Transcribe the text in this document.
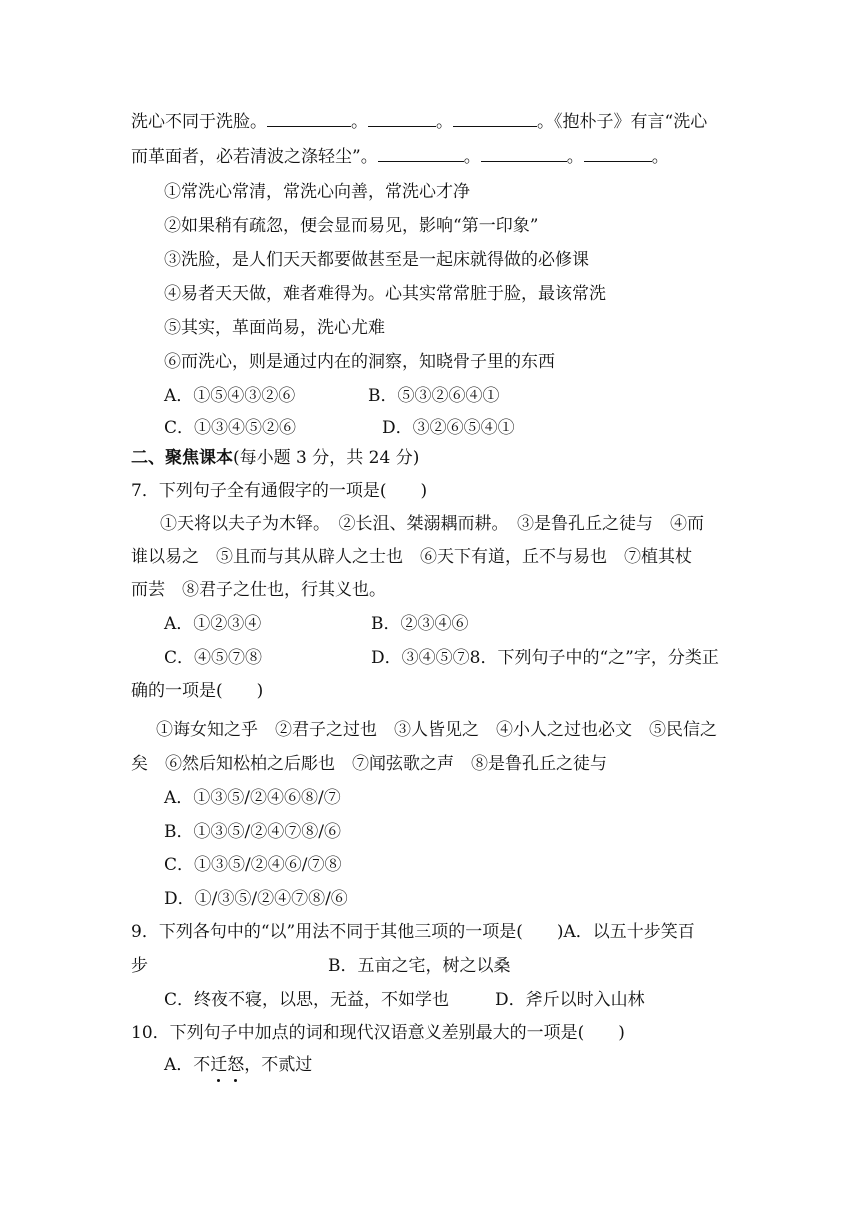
洗心不同于洗脸。	。	。	。《抱朴子》有言“洗心
而革面者，必若清波之涤轻尘”。	。	。	。
①常洗心常清，常洗心向善，常洗心才净
②如果稍有疏忽，便会显而易见，影响“第一印象”
③洗脸，是人们天天都要做甚至是一起床就得做的必修课
④易者天天做，难者难得为。心其实常常脏于脸，最该常洗
⑤其实，革面尚易，洗心尤难
⑥而洗心，则是通过内在的洞察，知晓骨子里的东西
A．①⑤④③②⑥	B．⑤③②⑥④①
C．①③④⑤②⑥	D．③②⑥⑤④①
二、聚焦课本(每小题 3 分，共 24 分)
7．下列句子全有通假字的一项是(　　)
①天将以夫子为木铎。　②长沮、桀溺耦而耕。　③是鲁孔丘之徒与　④而
谁以易之　⑤且而与其从辟人之士也　⑥天下有道，丘不与易也　⑦植其杖
而芸　⑧君子之仕也，行其义也。
A．①②③④	B．②③④⑥
C．④⑤⑦⑧	D．③④⑤⑦8．下列句子中的“之”字，分类正
确的一项是(　　)
①诲女知之乎　②君子之过也　③人皆见之　④小人之过也必文　⑤民信之
矣　⑥然后知松柏之后彫也　⑦闻弦歌之声　⑧是鲁孔丘之徒与
A．①③⑤/②④⑥⑧/⑦
B．①③⑤/②④⑦⑧/⑥
C．①③⑤/②④⑥/⑦⑧
D．①/③⑤/②④⑦⑧/⑥
9．下列各句中的“以”用法不同于其他三项的一项是(　　)A．以五十步笑百
步	B．五亩之宅，树之以桑
C．终夜不寝，以思，无益，不如学也	D．斧斤以时入山林
10．下列句子中加点的词和现代汉语意义差别最大的一项是(　　)
A．不迁怒，不贰过
